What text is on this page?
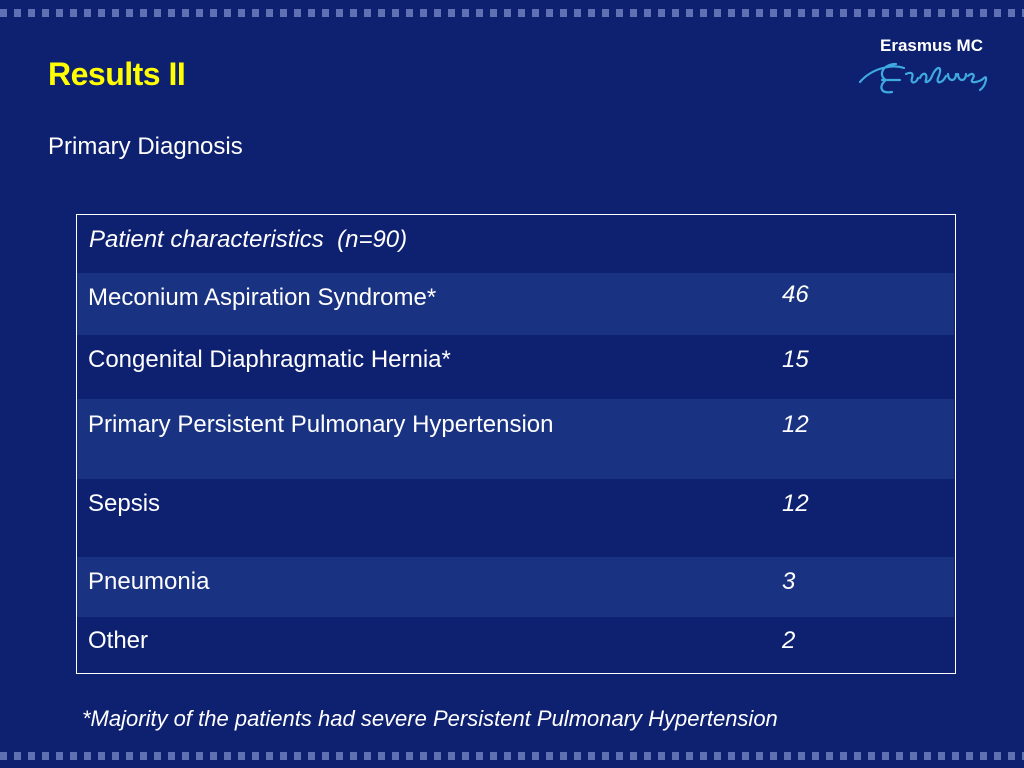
Results II
Primary Diagnosis
Erasmus MC
Patient characteristics  (n=90)
Meconium Aspiration Syndrome*	46
Congenital Diaphragmatic Hernia*	15
Primary Persistent Pulmonary Hypertension	12
Sepsis	12
Pneumonia	3
Other	2
*Majority of the patients had severe Persistent Pulmonary Hypertension
